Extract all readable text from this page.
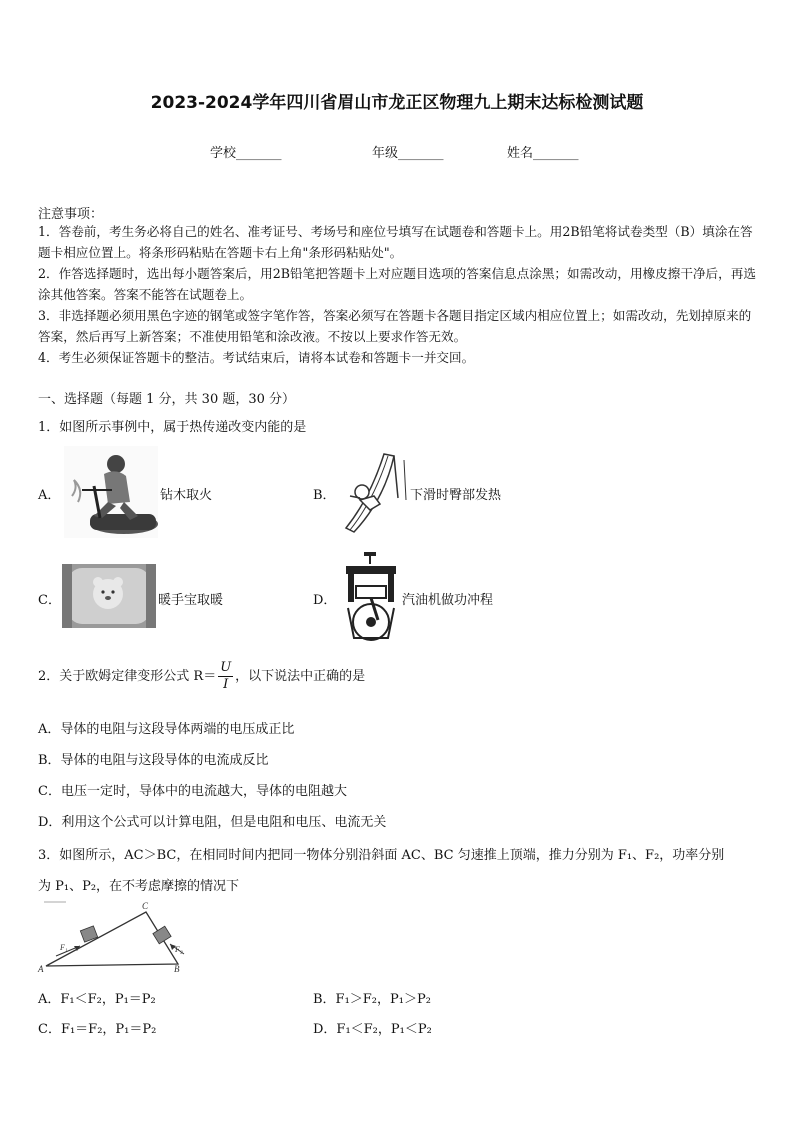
2023-2024学年四川省眉山市龙正区物理九上期末达标检测试题
学校_______	年级_______	姓名_______
注意事项：
1．答卷前，考生务必将自己的姓名、准考证号、考场号和座位号填写在试题卷和答题卡上。用2B铅笔将试卷类型（B）填涂在答题卡相应位置上。将条形码粘贴在答题卡右上角"条形码粘贴处"。
2．作答选择题时，选出每小题答案后，用2B铅笔把答题卡上对应题目选项的答案信息点涂黑；如需改动，用橡皮擦干净后，再选涂其他答案。答案不能答在试题卷上。
3．非选择题必须用黑色字迹的钢笔或签字笔作答，答案必须写在答题卡各题目指定区域内相应位置上；如需改动，先划掉原来的答案，然后再写上新答案；不准使用铅笔和涂改液。不按以上要求作答无效。
4．考生必须保证答题卡的整洁。考试结束后，请将本试卷和答题卡一并交回。
一、选择题（每题 1 分，共 30 题，30 分）
1．如图所示事例中，属于热传递改变内能的是
A．	钻木取火	B．	下滑时臀部发热
C．	暖手宝取暖	D．	汽油机做功冲程
2．关于欧姆定律变形公式 $R= \frac{U}{I}$ ，以下说法中正确的是
A．导体的电阻与这段导体两端的电压成正比
B．导体的电阻与这段导体的电流成反比
C．电压一定时，导体中的电流越大，导体的电阻越大
D．利用这个公式可以计算电阻，但是电阻和电压、电流无关
3．如图所示，AC＞BC，在相同时间内把同一物体分别沿斜面 AC、BC 匀速推上顶端，推力分别为 F₁、F₂，功率分别
为 P₁、P₂，在不考虑摩擦的情况下
A	B
C
F₁	F₂
A．F₁＜F₂，P₁＝P₂	B．F₁＞F₂，P₁＞P₂
C．F₁＝F₂，P₁＝P₂	D．F₁＜F₂，P₁＜P₂
